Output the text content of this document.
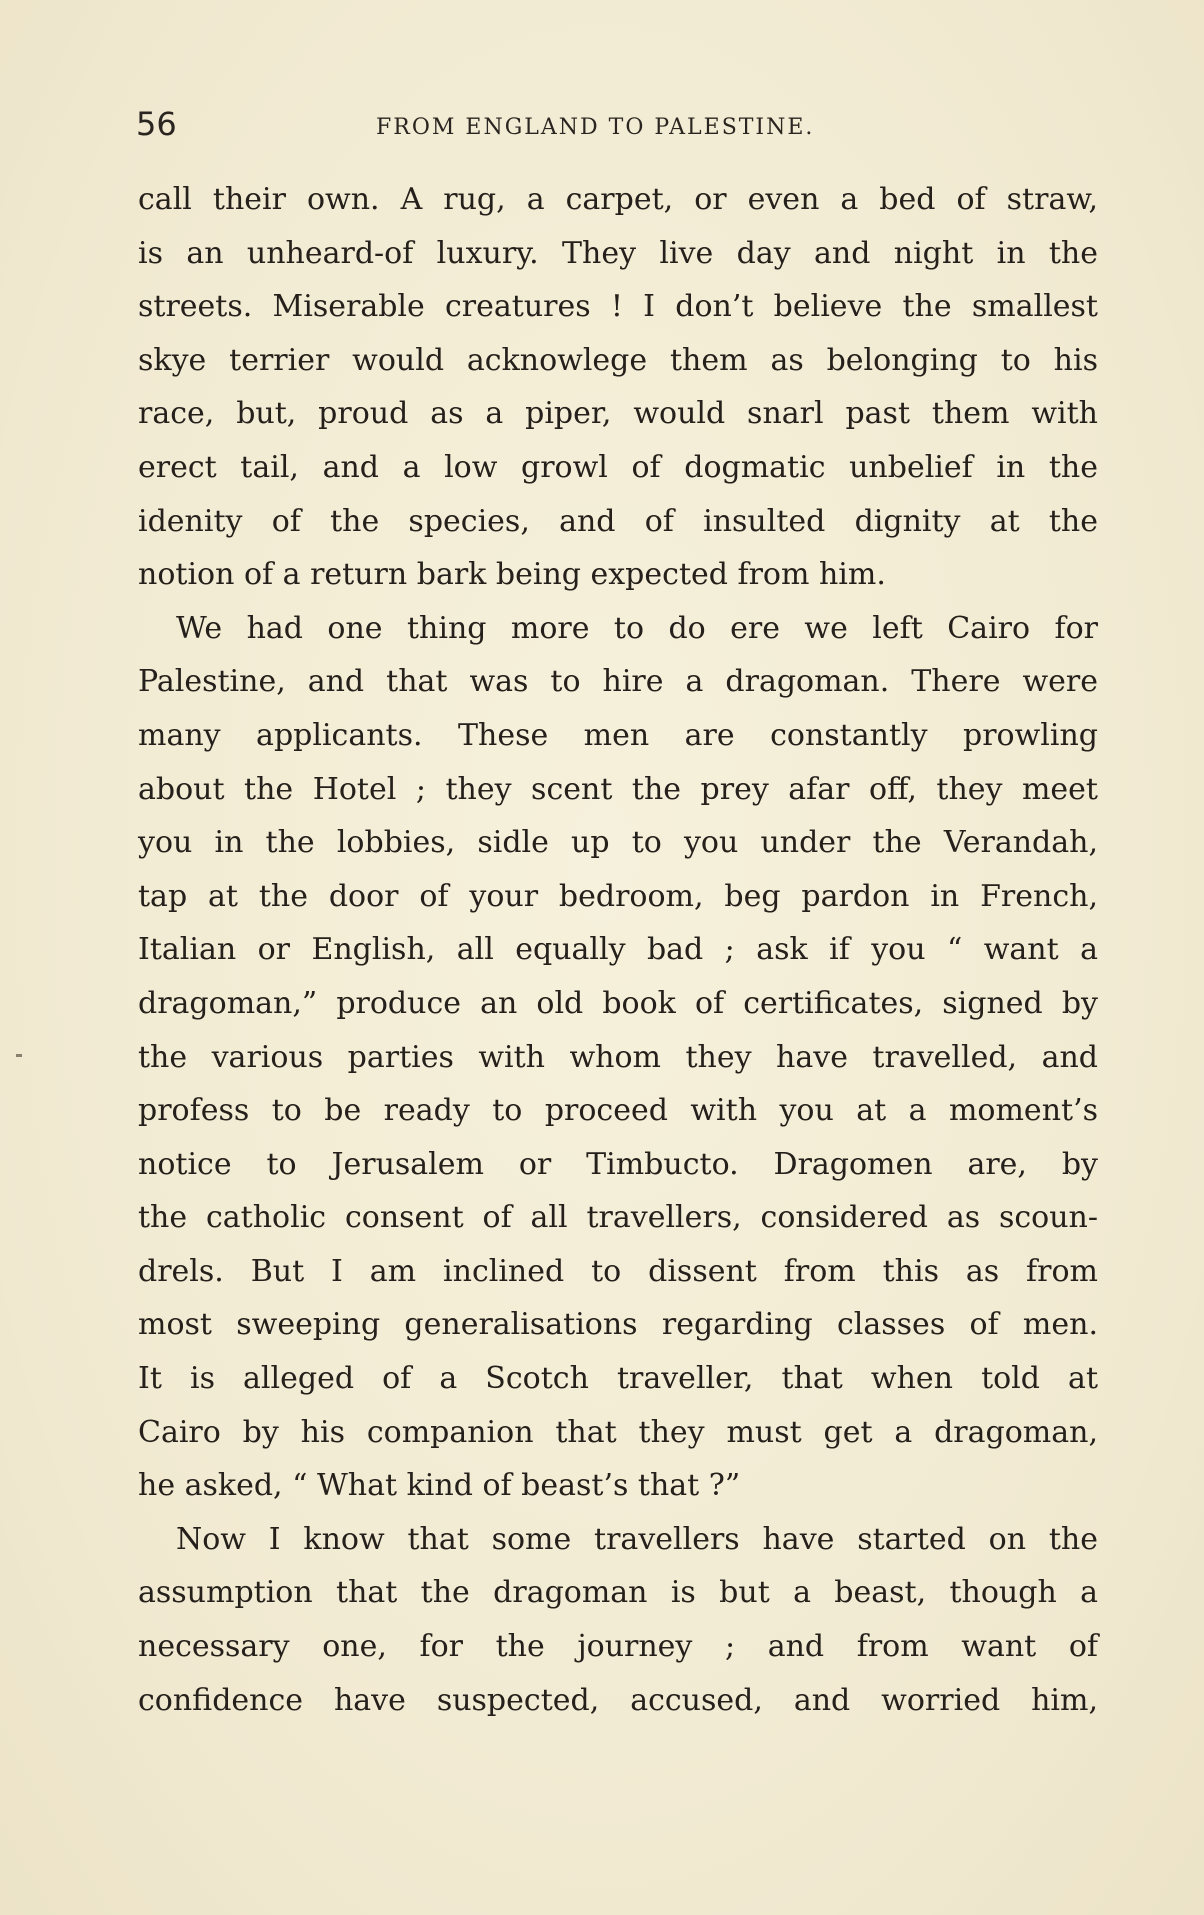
56	FROM ENGLAND TO PALESTINE.
call their own. A rug, a carpet, or even a bed of straw,
is an unheard-of luxury. They live day and night in the
streets. Miserable creatures ! I don’t believe the smallest
skye terrier would acknowlege them as belonging to his
race, but, proud as a piper, would snarl past them with
erect tail, and a low growl of dogmatic unbelief in the
idenity of the species, and of insulted dignity at the
notion of a return bark being expected from him.
We had one thing more to do ere we left Cairo for
Palestine, and that was to hire a dragoman. There were
many applicants. These men are constantly prowling
about the Hotel ; they scent the prey afar off, they meet
you in the lobbies, sidle up to you under the Verandah,
tap at the door of your bedroom, beg pardon in French,
Italian or English, all equally bad ; ask if you “ want a
dragoman,” produce an old book of certificates, signed by
the various parties with whom they have travelled, and
profess to be ready to proceed with you at a moment’s
notice to Jerusalem or Timbucto. Dragomen are, by
the catholic consent of all travellers, considered as scoun-
drels. But I am inclined to dissent from this as from
most sweeping generalisations regarding classes of men.
It is alleged of a Scotch traveller, that when told at
Cairo by his companion that they must get a dragoman,
he asked, “ What kind of beast’s that ?”
Now I know that some travellers have started on the
assumption that the dragoman is but a beast, though a
necessary one, for the journey ; and from want of
confidence have suspected, accused, and worried him,
